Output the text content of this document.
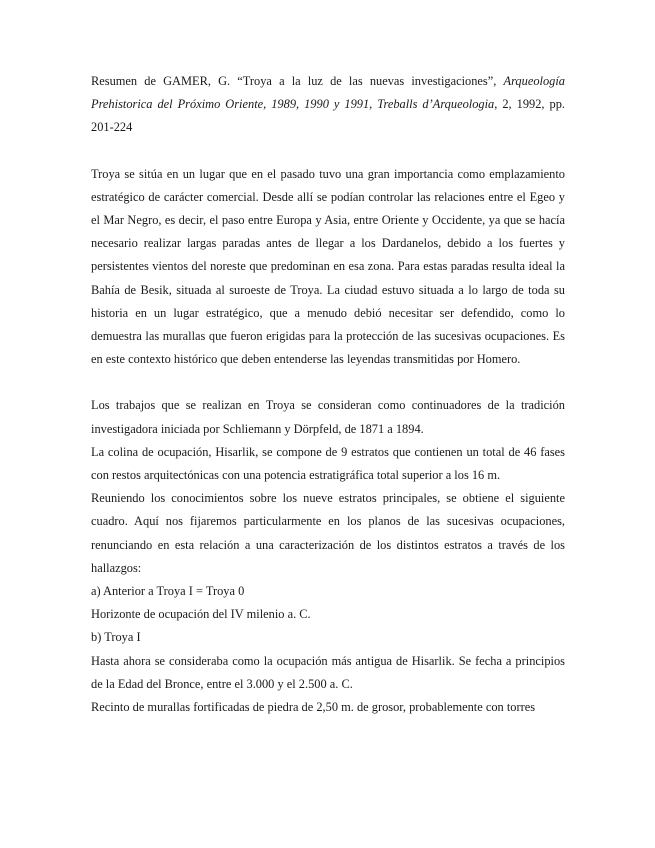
Resumen de GAMER, G. “Troya a la luz de las nuevas investigaciones”, Arqueología Prehistorica del Próximo Oriente, 1989, 1990 y 1991, Treballs d’Arqueologia, 2, 1992, pp. 201-224

Troya se sitúa en un lugar que en el pasado tuvo una gran importancia como emplazamiento estratégico de carácter comercial. Desde allí se podían controlar las relaciones entre el Egeo y el Mar Negro, es decir, el paso entre Europa y Asia, entre Oriente y Occidente, ya que se hacía necesario realizar largas paradas antes de llegar a los Dardanelos, debido a los fuertes y persistentes vientos del noreste que predominan en esa zona. Para estas paradas resulta ideal la Bahía de Besik, situada al suroeste de Troya. La ciudad estuvo situada a lo largo de toda su historia en un lugar estratégico, que a menudo debió necesitar ser defendido, como lo demuestra las murallas que fueron erigidas para la protección de las sucesivas ocupaciones. Es en este contexto histórico que deben entenderse las leyendas transmitidas por Homero.

Los trabajos que se realizan en Troya se consideran como continuadores de la tradición investigadora iniciada por Schliemann y Dörpfeld, de 1871 a 1894.

La colina de ocupación, Hisarlik, se compone de 9 estratos que contienen un total de 46 fases con restos arquitectónicas con una potencia estratigráfica total superior a los 16 m.

Reuniendo los conocimientos sobre los nueve estratos principales, se obtiene el siguiente cuadro. Aquí nos fijaremos particularmente en los planos de las sucesivas ocupaciones, renunciando en esta relación a una caracterización de los distintos estratos a través de los hallazgos:

a) Anterior a Troya I = Troya 0

Horizonte de ocupación del IV milenio a. C.

b) Troya I

Hasta ahora se consideraba como la ocupación más antigua de Hisarlik. Se fecha a principios de la Edad del Bronce, entre el 3.000 y el 2.500 a. C.

Recinto de murallas fortificadas de piedra de 2,50 m. de grosor, probablemente con torres
